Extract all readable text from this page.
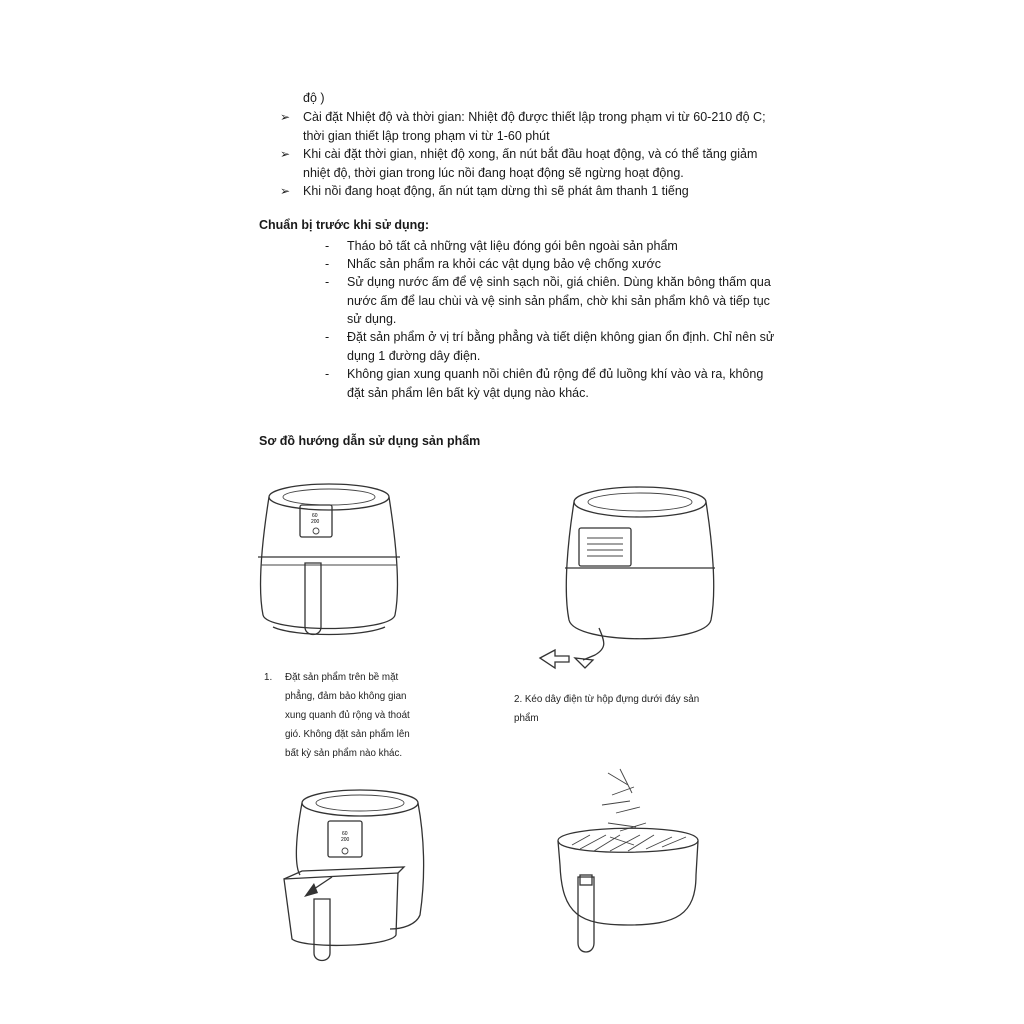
độ )
➢ Cài đặt Nhiệt độ và thời gian: Nhiệt độ được thiết lập trong phạm vi từ 60-210 độ C;
thời gian thiết lập trong phạm vi từ 1-60 phút
➢ Khi cài đặt thời gian, nhiệt độ xong, ấn nút bắt đầu hoạt động, và có thể tăng giảm
nhiệt độ, thời gian trong lúc nồi đang hoạt động sẽ ngừng hoạt động.
➢ Khi nồi đang hoạt động, ấn nút tạm dừng thì sẽ phát âm thanh 1 tiếng
Chuẩn bị trước khi sử dụng:
- Tháo bỏ tất cả những vật liệu đóng gói bên ngoài sản phẩm
- Nhấc sản phẩm ra khỏi các vật dụng bảo vệ chống xước
- Sử dụng nước ấm để vệ sinh sạch nồi, giá chiên. Dùng khăn bông thấm qua
nước ấm để lau chùi và vệ sinh sản phẩm, chờ khi sản phẩm khô và tiếp tục
sử dụng.
- Đặt sản phẩm ở vị trí bằng phẳng và tiết diện không gian ổn định. Chỉ nên sử
dụng 1 đường dây điện.
- Không gian xung quanh nồi chiên đủ rộng để đủ luồng khí vào và ra, không
đặt sản phẩm lên bất kỳ vật dụng nào khác.
Sơ đồ hướng dẫn sử dụng sản phẩm
60
200
1. Đặt sản phẩm trên bề mặt
phẳng, đảm bảo không gian
xung quanh đủ rộng và thoát
gió. Không đặt sản phẩm lên
bất kỳ sản phẩm nào khác.
2. Kéo dây điện từ hộp đựng dưới đáy sản
phẩm
60
200
